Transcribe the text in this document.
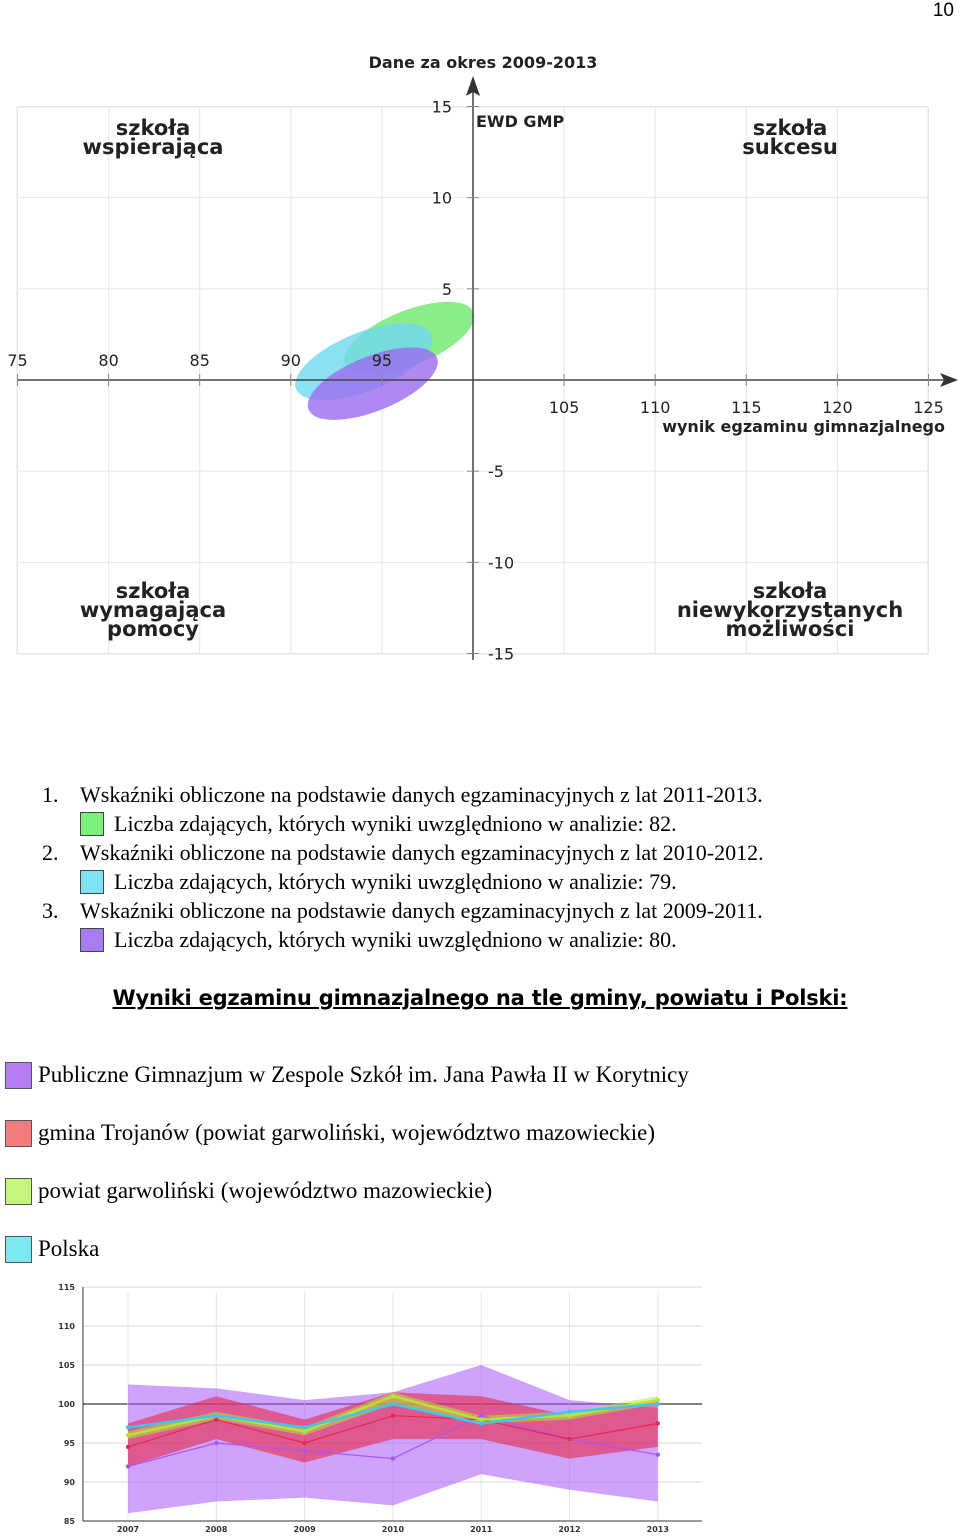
10
75	80	85	90	95
105	110	115	120	125
15
10
5
-5
-10
-15
Dane za okres 2009-2013
EWD GMP
wynik egzaminu gimnazjalnego
szkoła
wspierająca
szkoła
sukcesu
szkoła
wymagająca
pomocy
szkoła
niewykorzystanych
możliwości
1. Wskaźniki obliczone na podstawie danych egzaminacyjnych z lat 2011-2013.
Liczba zdających, których wyniki uwzględniono w analizie: 82.
2. Wskaźniki obliczone na podstawie danych egzaminacyjnych z lat 2010-2012.
Liczba zdających, których wyniki uwzględniono w analizie: 79.
3. Wskaźniki obliczone na podstawie danych egzaminacyjnych z lat 2009-2011.
Liczba zdających, których wyniki uwzględniono w analizie: 80.
Wyniki egzaminu gimnazjalnego na tle gminy, powiatu i Polski:
Publiczne Gimnazjum w Zespole Szkół im. Jana Pawła II w Korytnicy
gmina Trojanów (powiat garwoliński, województwo mazowieckie)
powiat garwoliński (województwo mazowieckie)
Polska
115
110
105
100
95
90
85
2007	2008	2009	2010	2011	2012	2013
